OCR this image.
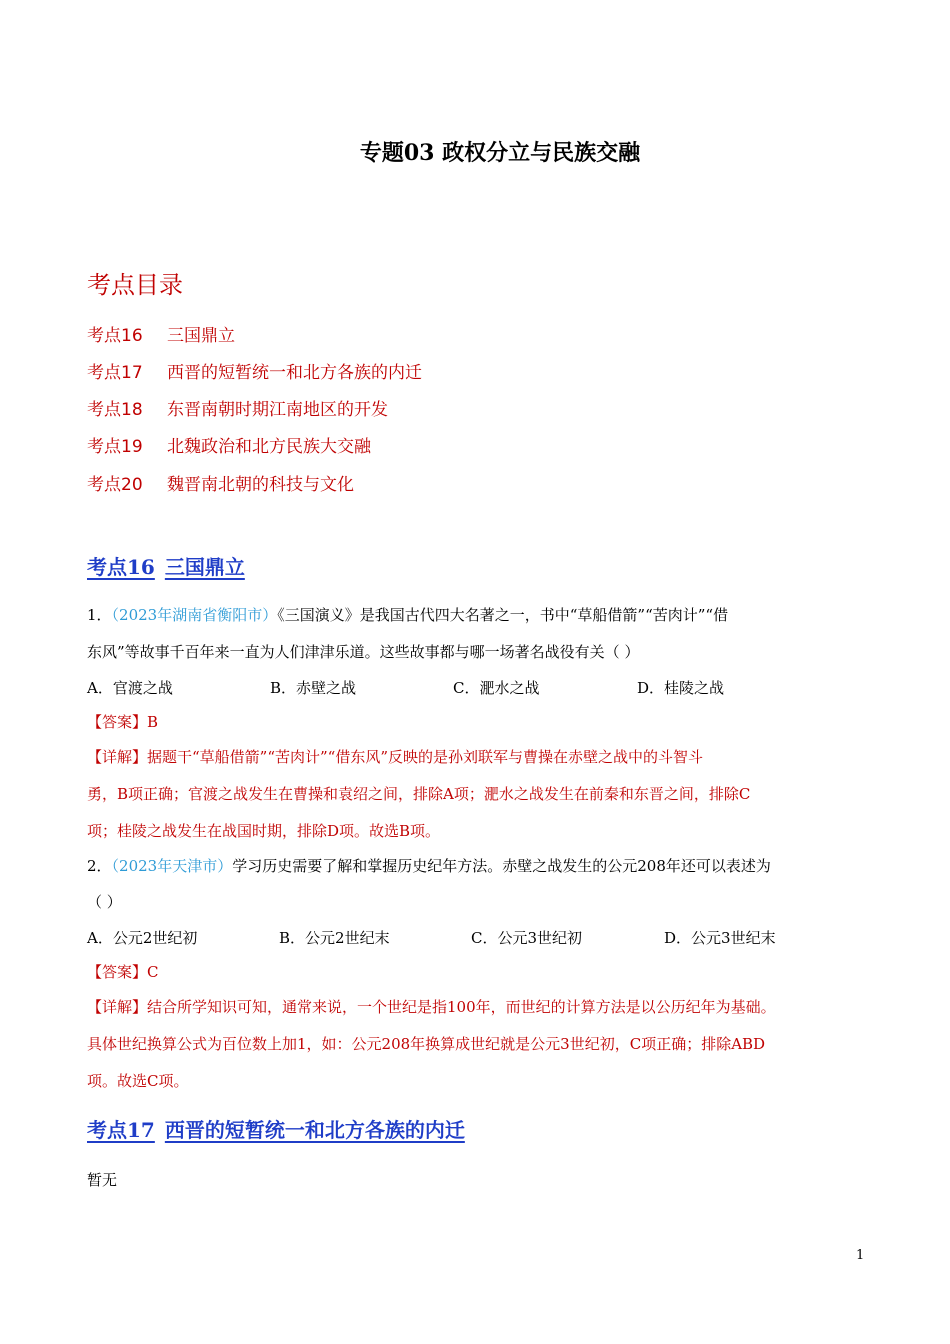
专题03 政权分立与民族交融
考点目录
考点16 三国鼎立
考点17 西晋的短暂统一和北方各族的内迁
考点18 东晋南朝时期江南地区的开发
考点19 北魏政治和北方民族大交融
考点20 魏晋南北朝的科技与文化
考点16 三国鼎立
1．（2023年湖南省衡阳市）《三国演义》是我国古代四大名著之一，书中“草船借箭”“苦肉计”“借
东风”等故事千百年来一直为人们津津乐道。这些故事都与哪一场著名战役有关（ ）
A．官渡之战	B．赤壁之战	C．淝水之战	D．桂陵之战
【答案】B
【详解】据题干“草船借箭”“苦肉计”“借东风”反映的是孙刘联军与曹操在赤壁之战中的斗智斗
勇，B项正确；官渡之战发生在曹操和袁绍之间，排除A项；淝水之战发生在前秦和东晋之间，排除C
项；桂陵之战发生在战国时期，排除D项。故选B项。
2．（2023年天津市）学习历史需要了解和掌握历史纪年方法。赤壁之战发生的公元208年还可以表述为
（ ）
A．公元2世纪初	B．公元2世纪末	C．公元3世纪初	D．公元3世纪末
【答案】C
【详解】结合所学知识可知，通常来说，一个世纪是指100年，而世纪的计算方法是以公历纪年为基础。
具体世纪换算公式为百位数上加1，如：公元208年换算成世纪就是公元3世纪初，C项正确；排除ABD
项。故选C项。
考点17 西晋的短暂统一和北方各族的内迁
暂无
1
